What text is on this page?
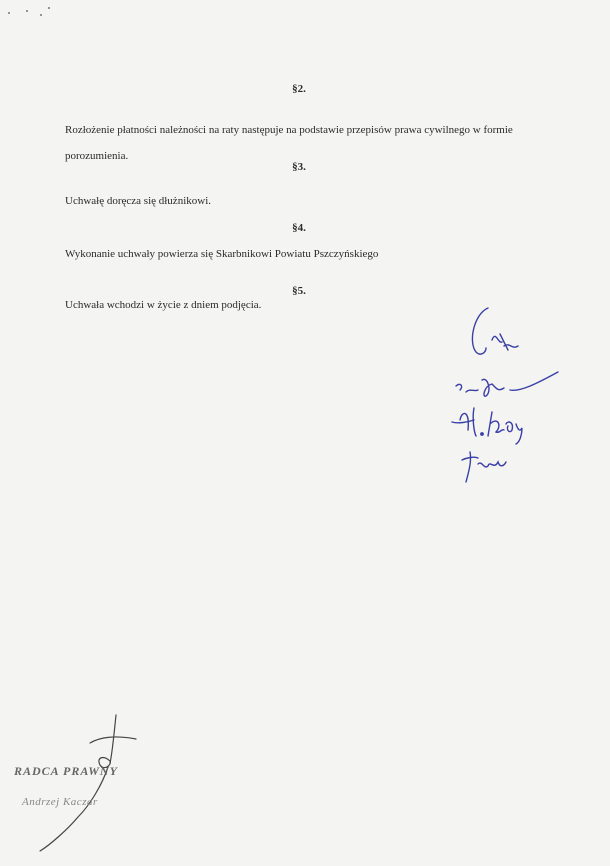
§2.
Rozłożenie płatności należności na raty następuje na podstawie przepisów prawa cywilnego w formie porozumienia.
§3.
Uchwałę doręcza się dłużnikowi.
§4.
Wykonanie uchwały powierza się Skarbnikowi Powiatu Pszczyńskiego
§5.
Uchwała wchodzi w życie z dniem podjęcia.
RADCA PRAWNY
Andrzej Kaczar
